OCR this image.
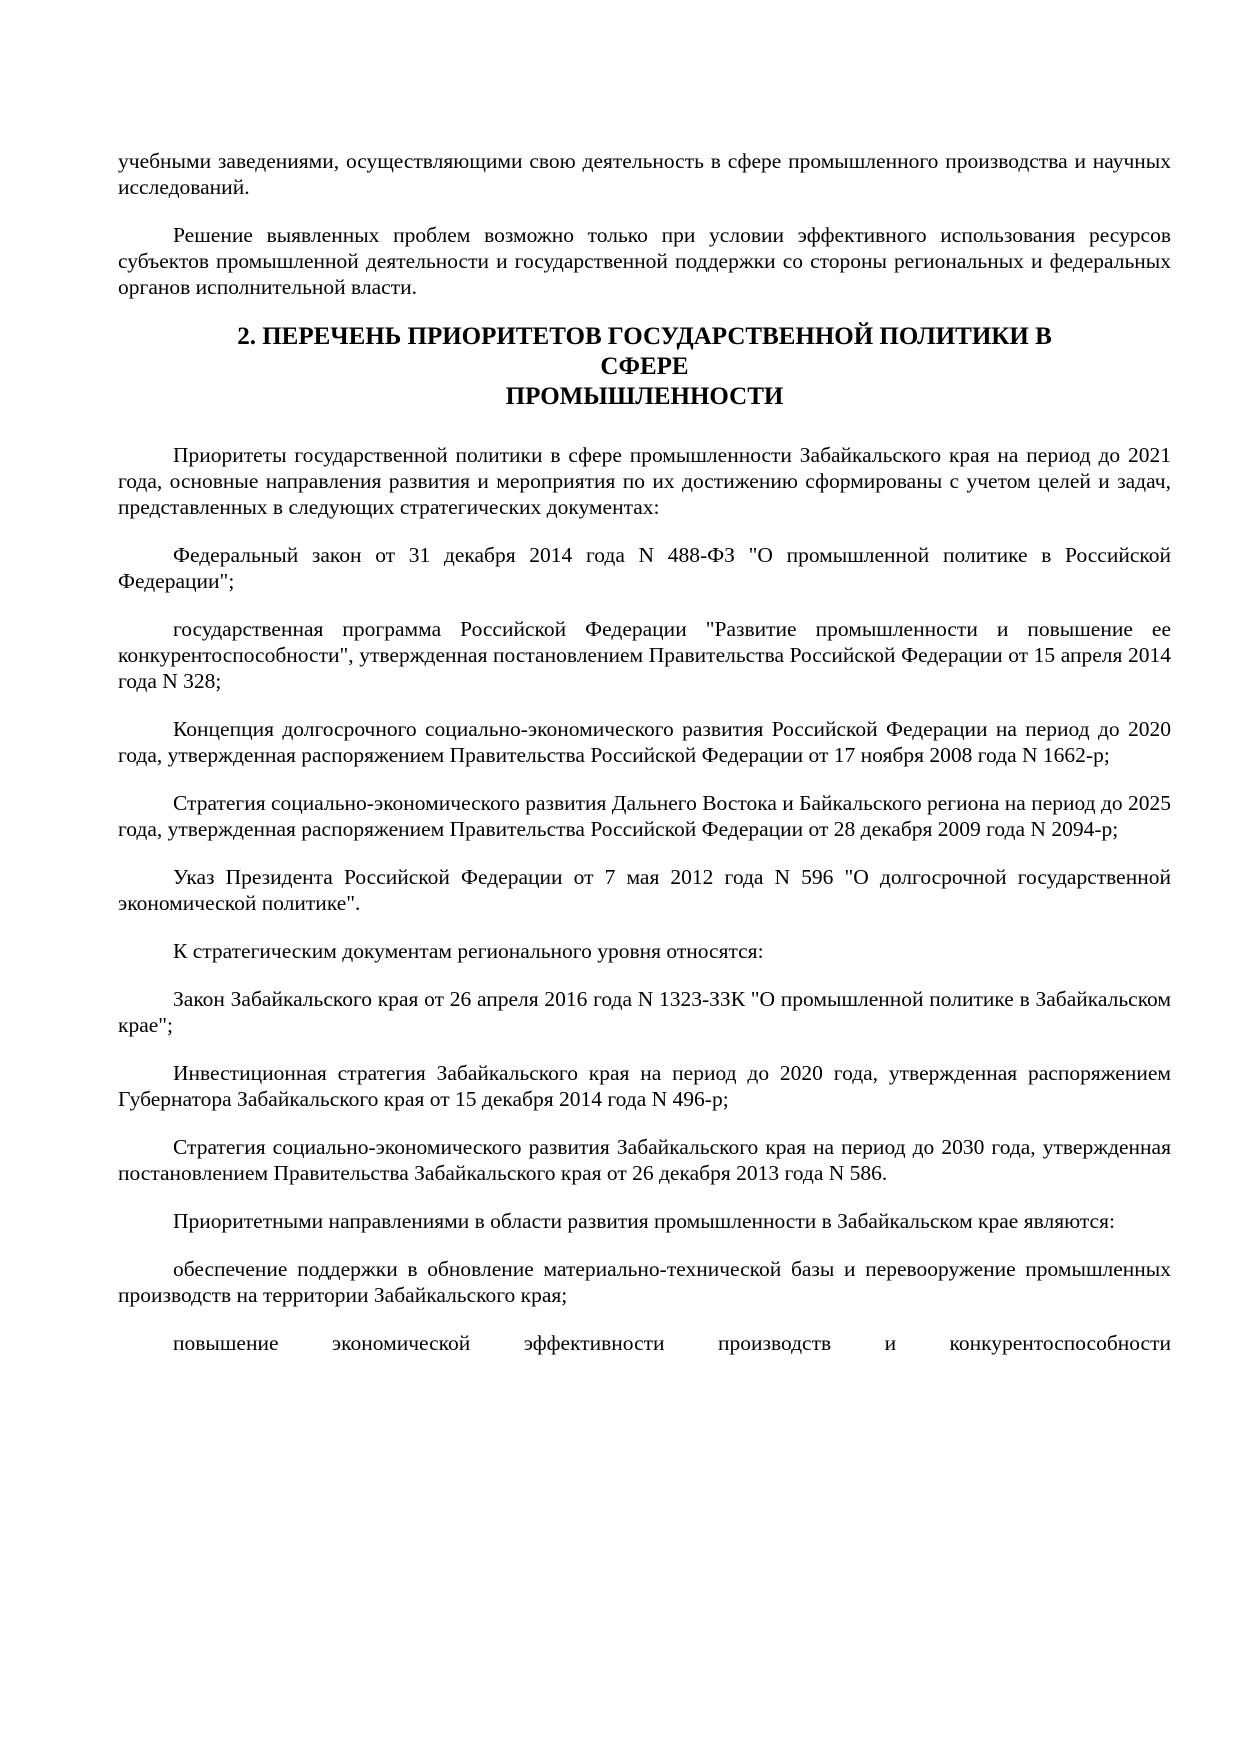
учебными заведениями, осуществляющими свою деятельность в сфере промышленного производства и научных исследований.

Решение выявленных проблем возможно только при условии эффективного использования ресурсов субъектов промышленной деятельности и государственной поддержки со стороны региональных и федеральных органов исполнительной власти.

2. ПЕРЕЧЕНЬ ПРИОРИТЕТОВ ГОСУДАРСТВЕННОЙ ПОЛИТИКИ В
СФЕРЕ
ПРОМЫШЛЕННОСТИ

Приоритеты государственной политики в сфере промышленности Забайкальского края на период до 2021 года, основные направления развития и мероприятия по их достижению сформированы с учетом целей и задач, представленных в следующих стратегических документах:

Федеральный закон от 31 декабря 2014 года N 488-ФЗ "О промышленной политике в Российской Федерации";

государственная программа Российской Федерации "Развитие промышленности и повышение ее конкурентоспособности", утвержденная постановлением Правительства Российской Федерации от 15 апреля 2014 года N 328;

Концепция долгосрочного социально-экономического развития Российской Федерации на период до 2020 года, утвержденная распоряжением Правительства Российской Федерации от 17 ноября 2008 года N 1662-р;

Стратегия социально-экономического развития Дальнего Востока и Байкальского региона на период до 2025 года, утвержденная распоряжением Правительства Российской Федерации от 28 декабря 2009 года N 2094-р;

Указ Президента Российской Федерации от 7 мая 2012 года N 596 "О долгосрочной государственной экономической политике".

К стратегическим документам регионального уровня относятся:

Закон Забайкальского края от 26 апреля 2016 года N 1323-ЗЗК "О промышленной политике в Забайкальском крае";

Инвестиционная стратегия Забайкальского края на период до 2020 года, утвержденная распоряжением Губернатора Забайкальского края от 15 декабря 2014 года N 496-р;

Стратегия социально-экономического развития Забайкальского края на период до 2030 года, утвержденная постановлением Правительства Забайкальского края от 26 декабря 2013 года N 586.

Приоритетными направлениями в области развития промышленности в Забайкальском крае являются:

обеспечение поддержки в обновление материально-технической базы и перевооружение промышленных производств на территории Забайкальского края;

повышение экономической эффективности производств и конкурентоспособности
